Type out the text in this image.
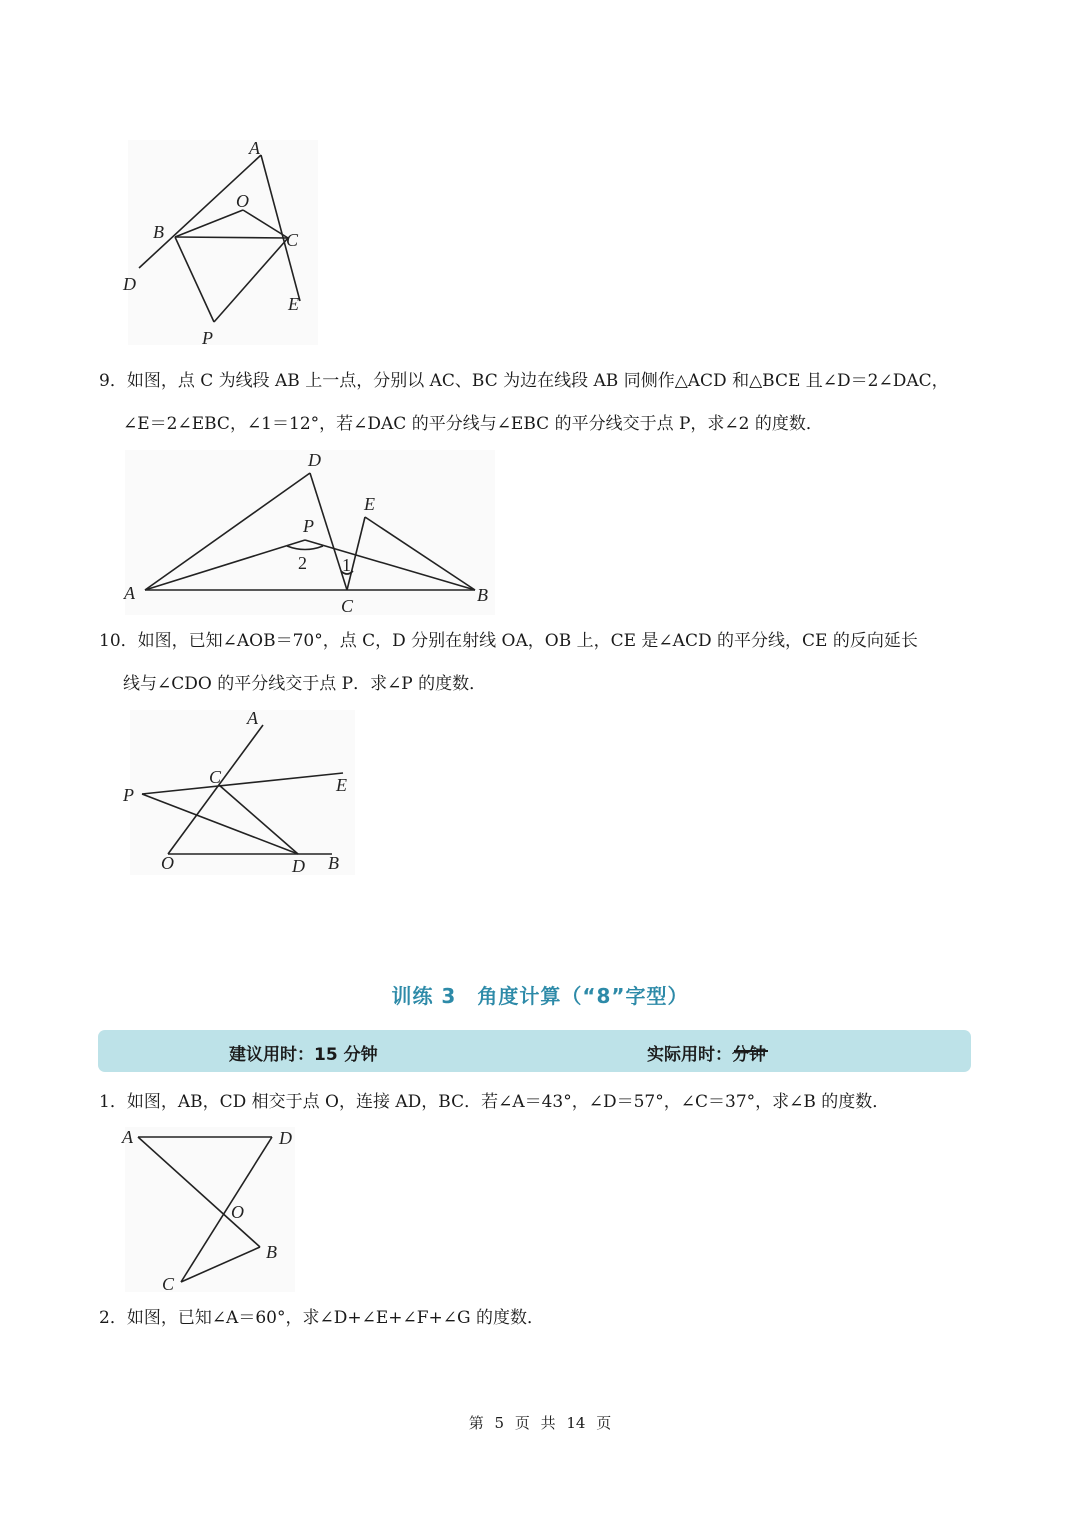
A
O
B	C
D
E
P
9．如图，点 C 为线段 AB 上一点，分别以 AC、BC 为边在线段 AB 同侧作△ACD 和△BCE 且∠D＝2∠DAC，
∠E＝2∠EBC，∠1＝12°，若∠DAC 的平分线与∠EBC 的平分线交于点 P，求∠2 的度数．
D
E
P
2 1
A
C
B
10．如图，已知∠AOB＝70°，点 C，D 分别在射线 OA，OB 上，CE 是∠ACD 的平分线，CE 的反向延长
线与∠CDO 的平分线交于点 P．求∠P 的度数．
A
C	E
P
O	D B
训练 3　角度计算（“8”字型）
建议用时：15 分钟	实际用时：
分钟
1．如图，AB，CD 相交于点 O，连接 AD，BC．若∠A＝43°，∠D＝57°，∠C＝37°，求∠B 的度数．
A	D
O
B
C
2．如图，已知∠A＝60°，求∠D+∠E+∠F+∠G 的度数．
第 5 页 共 14 页
